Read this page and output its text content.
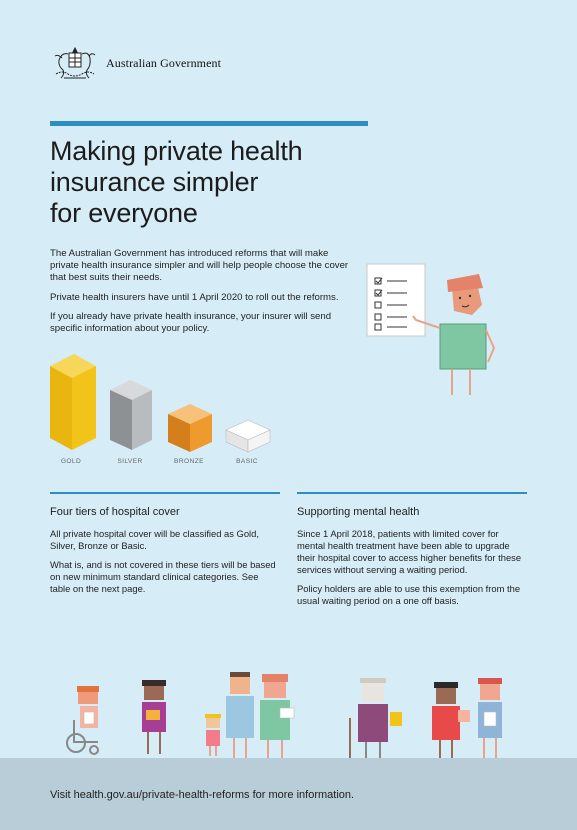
Australian Government
Making private health
insurance simpler
for everyone

The Australian Government has introduced reforms that will make private health insurance simpler and will help people choose the cover that best suits their needs.

Private health insurers have until 1 April 2020 to roll out the reforms.

If you already have private health insurance, your insurer will send specific information about your policy.

GOLD	SILVER	BRONZE	BASIC
Four tiers of hospital cover

All private hospital cover will be classified as Gold, Silver, Bronze or Basic.

What is, and is not covered in these tiers will be based on new minimum standard clinical categories. See table on the next page.

Supporting mental health

Since 1 April 2018, patients with limited cover for mental health treatment have been able to upgrade their hospital cover to access higher benefits for these services without serving a waiting period.

Policy holders are able to use this exemption from the usual waiting period on a one off basis.

Visit health.gov.au/private-health-reforms for more information.
